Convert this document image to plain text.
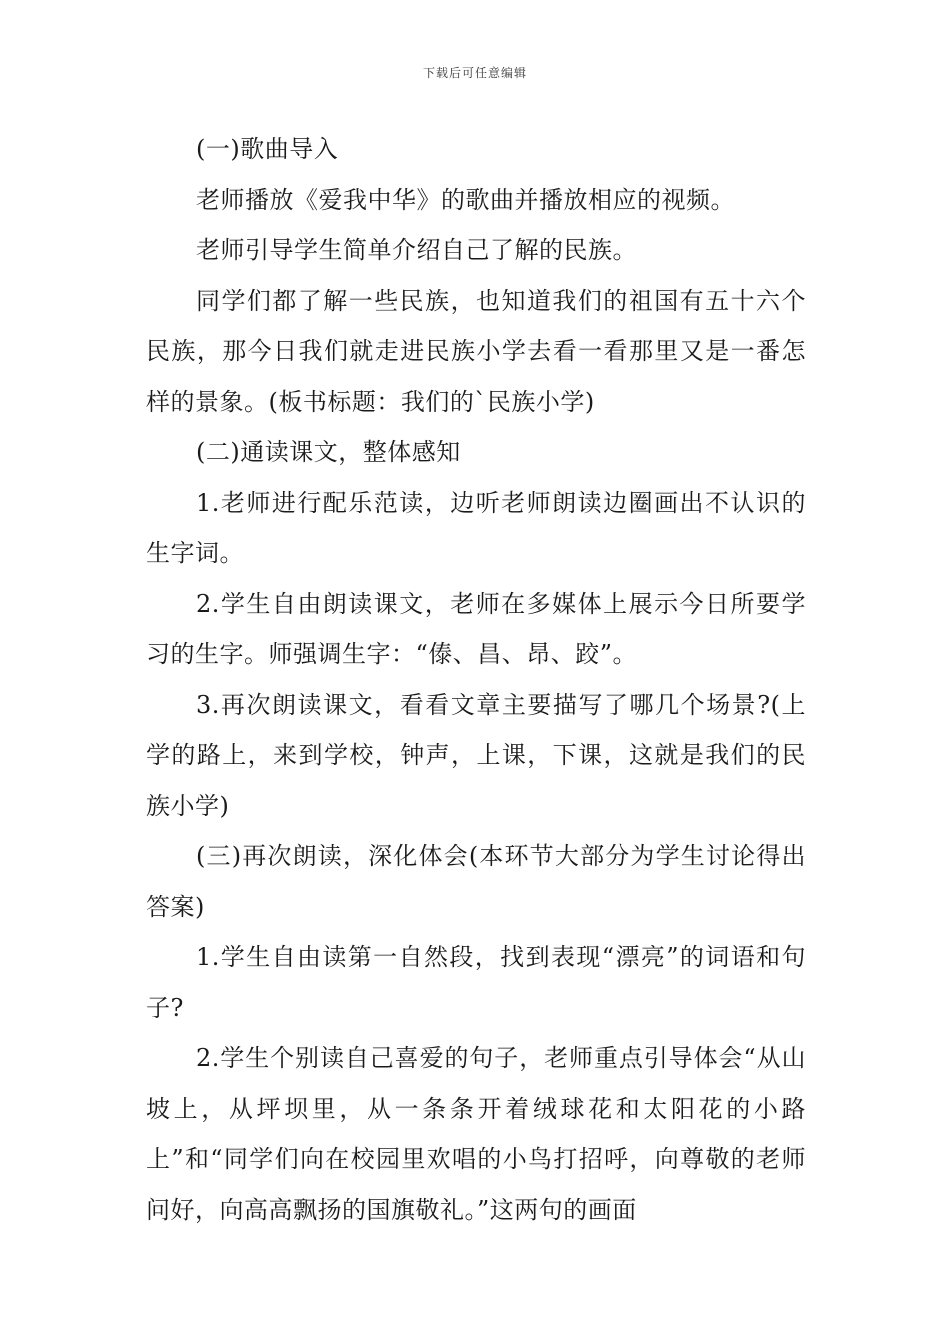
下载后可任意编辑

(一)歌曲导入

老师播放《爱我中华》的歌曲并播放相应的视频。

老师引导学生简单介绍自己了解的民族。

同学们都了解一些民族，也知道我们的祖国有五十六个民族，那今日我们就走进民族小学去看一看那里又是一番怎样的景象。(板书标题：我们的`民族小学)

(二)通读课文，整体感知

1.老师进行配乐范读，边听老师朗读边圈画出不认识的生字词。

2.学生自由朗读课文，老师在多媒体上展示今日所要学习的生字。师强调生字：“傣、昌、昂、跤”。

3.再次朗读课文，看看文章主要描写了哪几个场景?(上学的路上，来到学校，钟声，上课，下课，这就是我们的民族小学)

(三)再次朗读，深化体会(本环节大部分为学生讨论得出答案)

1.学生自由读第一自然段，找到表现“漂亮”的词语和句子?

2.学生个别读自己喜爱的句子，老师重点引导体会“从山坡上，从坪坝里，从一条条开着绒球花和太阳花的小路上”和“同学们向在校园里欢唱的小鸟打招呼，向尊敬的老师问好，向高高飘扬的国旗敬礼。”这两句的画面
